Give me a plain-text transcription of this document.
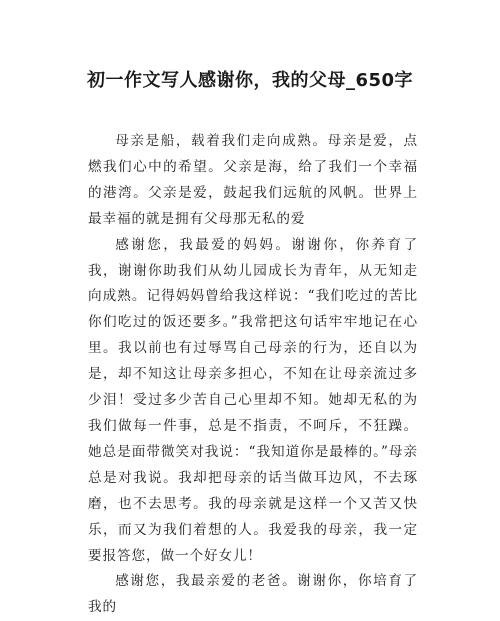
初一作文写人感谢你，我的父母_650字

母亲是船，载着我们走向成熟。母亲是爱，点燃我们心中的希望。父亲是海，给了我们一个幸福的港湾。父亲是爱，鼓起我们远航的风帆。世界上最幸福的就是拥有父母那无私的爱

感谢您，我最爱的妈妈。谢谢你，你养育了我，谢谢你助我们从幼儿园成长为青年，从无知走向成熟。记得妈妈曾给我这样说：“我们吃过的苦比你们吃过的饭还要多。”我常把这句话牢牢地记在心里。我以前也有过辱骂自己母亲的行为，还自以为是，却不知这让母亲多担心，不知在让母亲流过多少泪！受过多少苦自己心里却不知。她却无私的为我们做每一件事，总是不指责，不呵斥，不狂躁。她总是面带微笑对我说：“我知道你是最棒的。”母亲总是对我说。我却把母亲的话当做耳边风，不去琢磨，也不去思考。我的母亲就是这样一个又苦又快乐，而又为我们着想的人。我爱我的母亲，我一定要报答您，做一个好女儿！

感谢您，我最亲爱的老爸。谢谢你，你培育了我的
